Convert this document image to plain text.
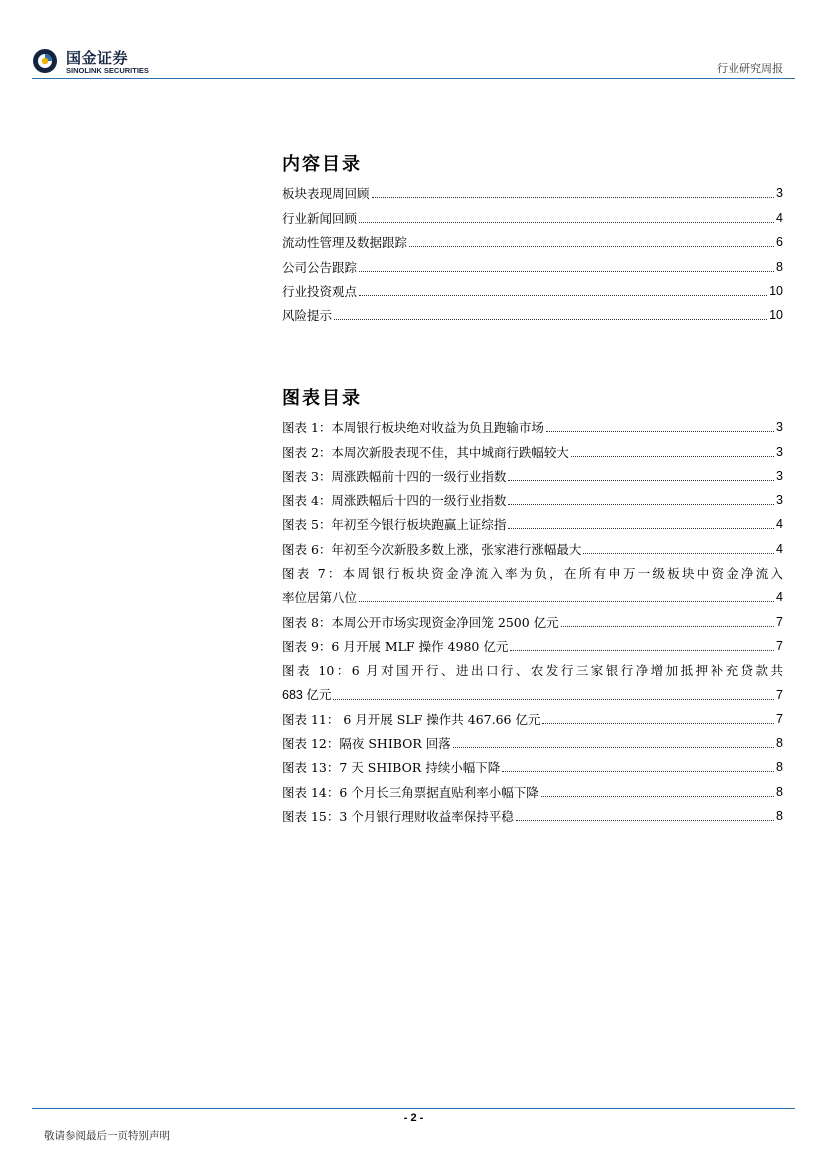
国金证券
SINOLINK SECURITIES	行业研究周报
内容目录
板块表现周回顾	3
行业新闻回顾	4
流动性管理及数据跟踪	6
公司公告跟踪	8
行业投资观点	10
风险提示	10
图表目录
图表 1：本周银行板块绝对收益为负且跑输市场	3
图表 2：本周次新股表现不佳，其中城商行跌幅较大	3
图表 3：周涨跌幅前十四的一级行业指数	3
图表 4：周涨跌幅后十四的一级行业指数	3
图表 5：年初至今银行板块跑赢上证综指	4
图表 6：年初至今次新股多数上涨，张家港行涨幅最大	4
图表 7：本周银行板块资金净流入率为负，在所有申万一级板块中资金净流入
率位居第八位	4
图表 8：本周公开市场实现资金净回笼 2500 亿元	7
图表 9：6 月开展 MLF 操作 4980 亿元	7
图表 10：6 月对国开行、进出口行、农发行三家银行净增加抵押补充贷款共
683 亿元	7
图表 11： 6 月开展 SLF 操作共 467.66 亿元	7
图表 12：隔夜 SHIBOR 回落	8
图表 13：7 天 SHIBOR 持续小幅下降	8
图表 14：6 个月长三角票据直贴利率小幅下降	8
图表 15：3 个月银行理财收益率保持平稳	8
- 2 -
敬请参阅最后一页特别声明
